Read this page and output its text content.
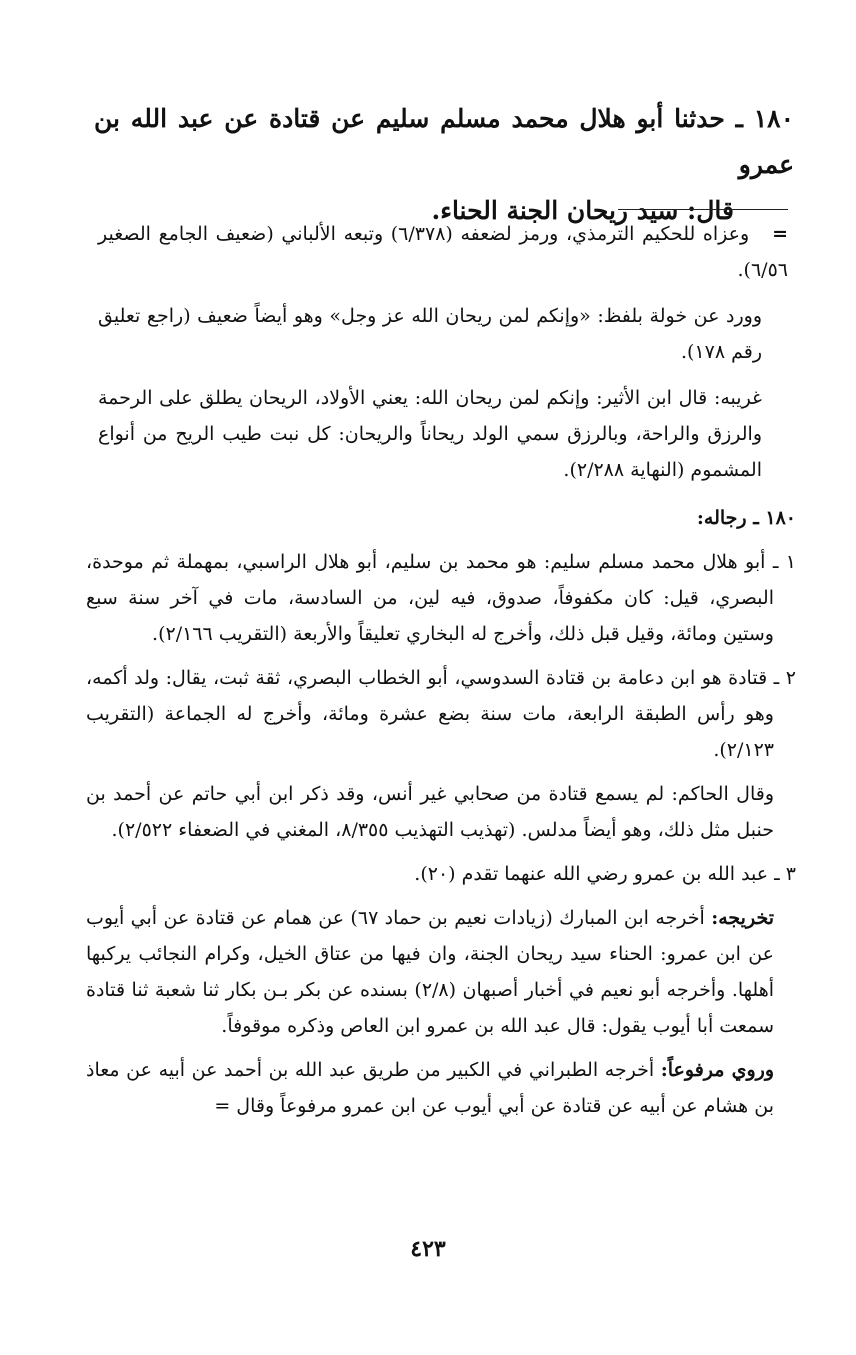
١٨٠ ـ حدثنا أبو هلال محمد مسلم سليم عن قتادة عن عبد الله بن عمرو
قال: سيد ريحان الجنة الحناء.

=   وعزاه للحكيم الترمذي، ورمز لضعفه (٦/٣٧٨) وتبعه الألباني (ضعيف الجامع الصغير ٦/٥٦).

وورد عن خولة بلفظ: «وإنكم لمن ريحان الله عز وجل» وهو أيضاً ضعيف (راجع تعليق رقم ١٧٨).

غريبه: قال ابن الأثير: وإنكم لمن ريحان الله: يعني الأولاد، الريحان يطلق على الرحمة والرزق والراحة، وبالرزق سمي الولد ريحاناً والريحان: كل نبت طيب الريح من أنواع المشموم (النهاية ٢/٢٨٨).

١٨٠ ـ رجاله:

١ ـ أبو هلال محمد مسلم سليم: هو محمد بن سليم، أبو هلال الراسبي، بمهملة ثم موحدة، البصري، قيل: كان مكفوفاً، صدوق، فيه لين، من السادسة، مات في آخر سنة سبع وستين ومائة، وقيل قبل ذلك، وأخرج له البخاري تعليقاً والأربعة (التقريب ٢/١٦٦).

٢ ـ قتادة هو ابن دعامة بن قتادة السدوسي، أبو الخطاب البصري، ثقة ثبت، يقال: ولد أكمه، وهو رأس الطبقة الرابعة، مات سنة بضع عشرة ومائة، وأخرج له الجماعة (التقريب ٢/١٢٣).

وقال الحاكم: لم يسمع قتادة من صحابي غير أنس، وقد ذكر ابن أبي حاتم عن أحمد بن حنبل مثل ذلك، وهو أيضاً مدلس. (تهذيب التهذيب ٨/٣٥٥، المغني في الضعفاء ٢/٥٢٢).

٣ ـ عبد الله بن عمرو رضي الله عنهما تقدم (٢٠).

تخريجه: أخرجه ابن المبارك (زيادات نعيم بن حماد ٦٧) عن همام عن قتادة عن أبي أيوب عن ابن عمرو: الحناء سيد ريحان الجنة، وان فيها من عتاق الخيل، وكرام النجائب يركبها أهلها. وأخرجه أبو نعيم في أخبار أصبهان (٢/٨) بسنده عن بكر بـن بكار ثنا شعبة ثنا قتادة سمعت أبا أيوب يقول: قال عبد الله بن عمرو ابن العاص وذكره موقوفاً.

وروي مرفوعاً: أخرجه الطبراني في الكبير من طريق عبد الله بن أحمد عن أبيه عن معاذ بن هشام عن أبيه عن قتادة عن أبي أيوب عن ابن عمرو مرفوعاً وقال =

٤٢٣
